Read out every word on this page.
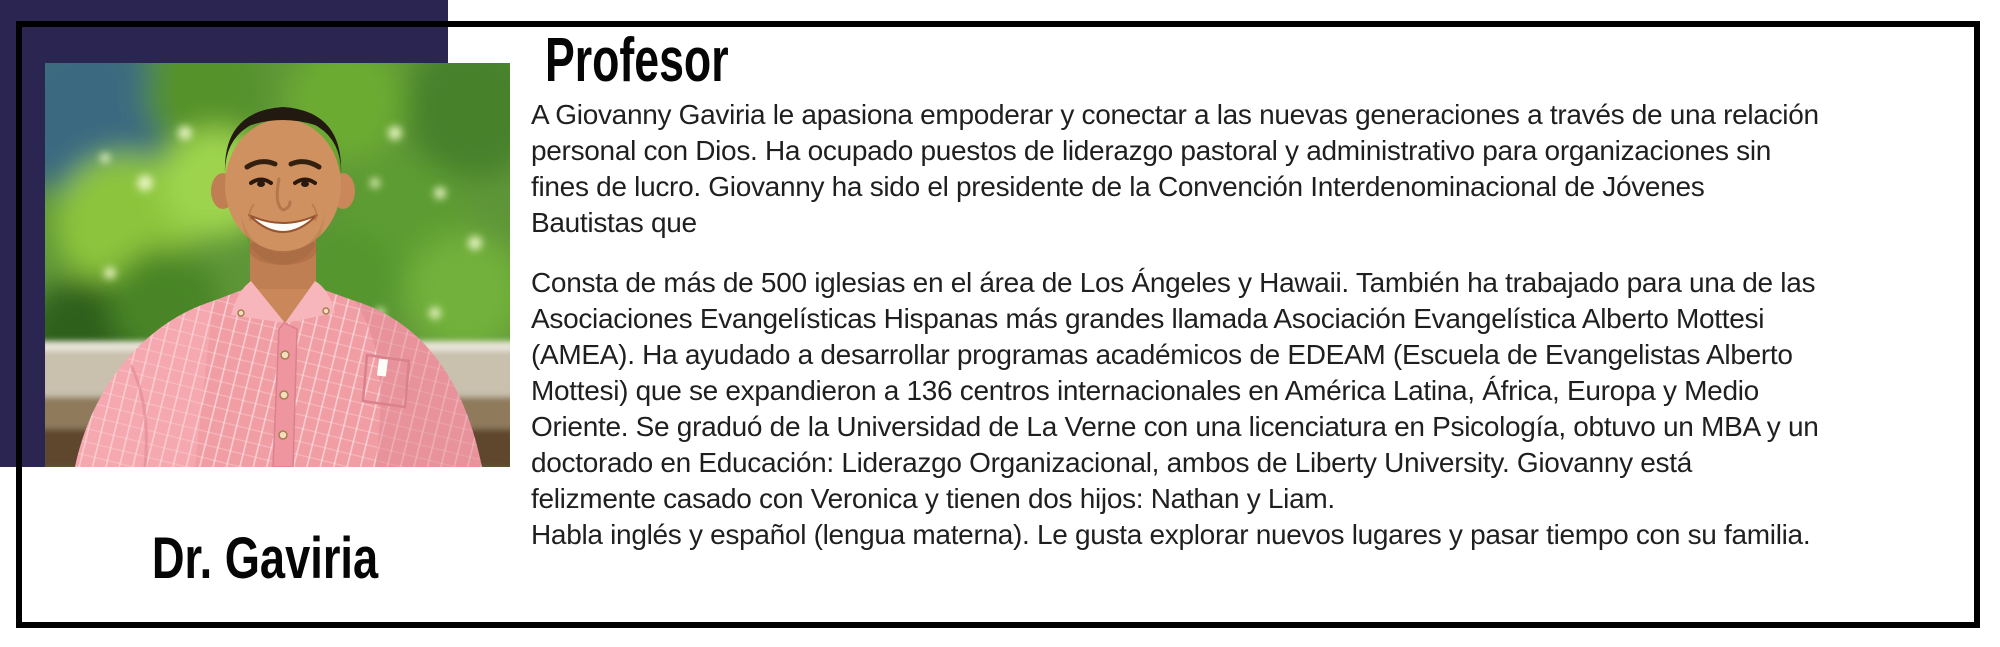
Profesor
A Giovanny Gaviria le apasiona empoderar y conectar a las nuevas generaciones a través de una relación
personal con Dios. Ha ocupado puestos de liderazgo pastoral y administrativo para organizaciones sin
fines de lucro. Giovanny ha sido el presidente de la Convención Interdenominacional de Jóvenes
Bautistas que
Consta de más de 500 iglesias en el área de Los Ángeles y Hawaii. También ha trabajado para una de las
Asociaciones Evangelísticas Hispanas más grandes llamada Asociación Evangelística Alberto Mottesi
(AMEA). Ha ayudado a desarrollar programas académicos de EDEAM (Escuela de Evangelistas Alberto
Mottesi) que se expandieron a 136 centros internacionales en América Latina, África, Europa y Medio
Oriente. Se graduó de la Universidad de La Verne con una licenciatura en Psicología, obtuvo un MBA y un
doctorado en Educación: Liderazgo Organizacional, ambos de Liberty University. Giovanny está
felizmente casado con Veronica y tienen dos hijos: Nathan y Liam.
Habla inglés y español (lengua materna). Le gusta explorar nuevos lugares y pasar tiempo con su familia.
Dr. Gaviria
